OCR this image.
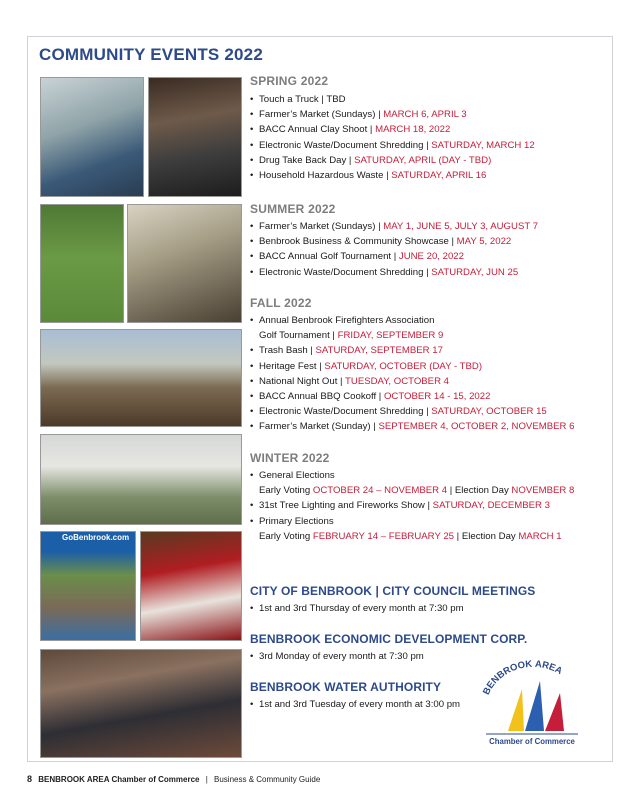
COMMUNITY EVENTS 2022
GoBenbrook.com
SPRING 2022
• Touch a Truck | TBD
• Farmer’s Market (Sundays) | MARCH 6, APRIL 3
• BACC Annual Clay Shoot | MARCH 18, 2022
• Electronic Waste/Document Shredding | SATURDAY, MARCH 12
• Drug Take Back Day | SATURDAY, APRIL (DAY - TBD)
• Household Hazardous Waste | SATURDAY, APRIL 16
SUMMER 2022
• Farmer’s Market (Sundays) | MAY 1, JUNE 5, JULY 3, AUGUST 7
• Benbrook Business & Community Showcase | MAY 5, 2022
• BACC Annual Golf Tournament | JUNE 20, 2022
• Electronic Waste/Document Shredding | SATURDAY, JUN 25
FALL 2022
• Annual Benbrook Firefighters Association
Golf Tournament | FRIDAY, SEPTEMBER 9
• Trash Bash | SATURDAY, SEPTEMBER 17
• Heritage Fest | SATURDAY, OCTOBER (DAY - TBD)
• National Night Out | TUESDAY, OCTOBER 4
• BACC Annual BBQ Cookoff | OCTOBER 14 - 15, 2022
• Electronic Waste/Document Shredding | SATURDAY, OCTOBER 15
• Farmer’s Market (Sunday) | SEPTEMBER 4, OCTOBER 2, NOVEMBER 6
WINTER 2022
• General Elections
Early Voting OCTOBER 24 – NOVEMBER 4 | Election Day NOVEMBER 8
• 31st Tree Lighting and Fireworks Show | SATURDAY, DECEMBER 3
• Primary Elections
Early Voting FEBRUARY 14 – FEBRUARY 25 | Election Day MARCH 1
CITY OF BENBROOK | CITY COUNCIL MEETINGS
• 1st and 3rd Thursday of every month at 7:30 pm
BENBROOK ECONOMIC DEVELOPMENT CORP.
• 3rd Monday of every month at 7:30 pm
BENBROOK WATER AUTHORITY
• 1st and 3rd Tuesday of every month at 3:00 pm
BENBROOK AREA
Chamber of Commerce
8 BENBROOK AREA Chamber of Commerce | Business & Community Guide
